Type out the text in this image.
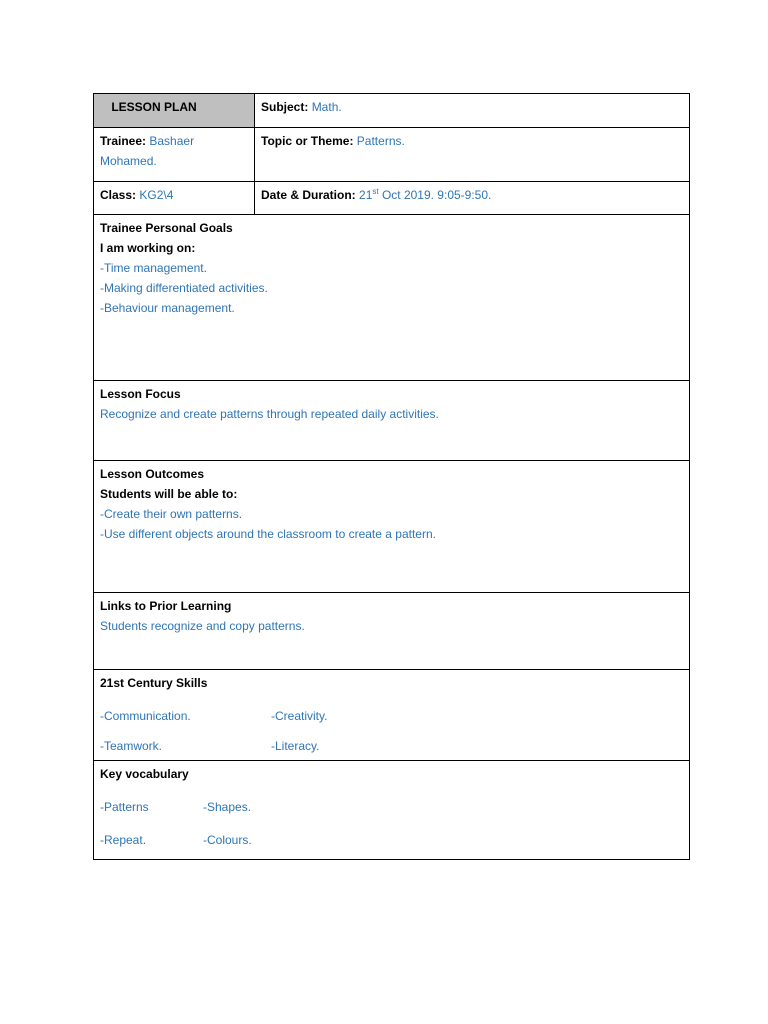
LESSON PLAN	Subject: Math.

Trainee: Bashaer Mohamed.	Topic or Theme: Patterns.

Class: KG2\4	Date & Duration: 21st Oct 2019. 9:05-9:50.

Trainee Personal Goals

I am working on:

-Time management.

-Making differentiated activities.

-Behaviour management.	

Lesson Focus

Recognize and create patterns through repeated daily activities.	

Lesson Outcomes

Students will be able to:

-Create their own patterns.

-Use different objects around the classroom to create a pattern.	

Links to Prior Learning

Students recognize and copy patterns.	

21st Century Skills

-Communication. -Creativity.
-Teamwork. -Literacy.	

Key vocabulary

-Patterns -Shapes.
-Repeat. -Colours.	
